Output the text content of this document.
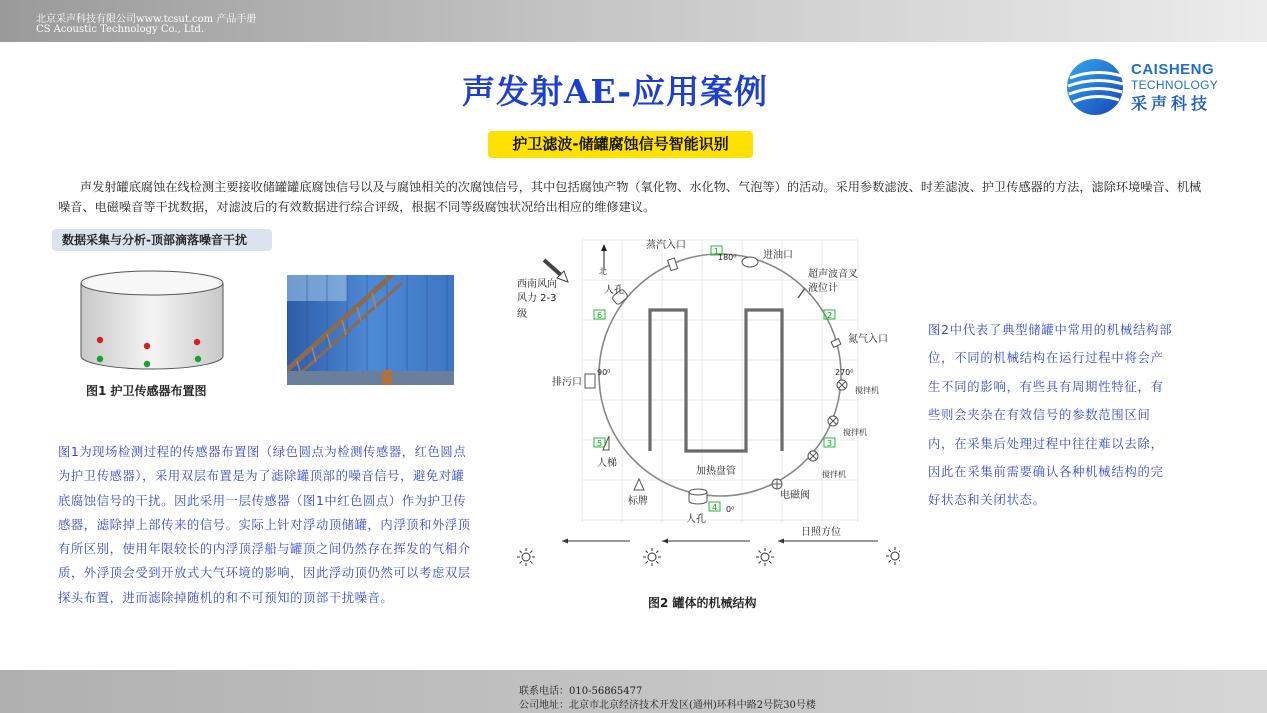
北京采声科技有限公司www.tcsut.com 产品手册
CS Acoustic Technology Co., Ltd.
声发射AE-应用案例
CAISHENG
TECHNOLOGY
采声科技
护卫滤波-储罐腐蚀信号智能识别
声发射罐底腐蚀在线检测主要接收储罐罐底腐蚀信号以及与腐蚀相关的次腐蚀信号，其中包括腐蚀产物（氧化物、水化物、气泡等）的活动。采用参数滤波、时差滤波、护卫传感器的方法，滤除环境噪音、机械噪音、电磁噪音等干扰数据，对滤波后的有效数据进行综合评级，根据不同等级腐蚀状况给出相应的维修建议。
数据采集与分析-顶部滴落噪音干扰
图1 护卫传感器布置图
图1为现场检测过程的传感器布置图（绿色圆点为检测传感器，红色圆点为护卫传感器），采用双层布置是为了滤除罐顶部的噪音信号，避免对罐底腐蚀信号的干扰。因此采用一层传感器（图1中红色圆点）作为护卫传感器，滤除掉上部传来的信号。实际上针对浮动顶储罐，内浮顶和外浮顶有所区别，使用年限较长的内浮顶浮船与罐顶之间仍然存在挥发的气相介质，外浮顶会受到开放式大气环境的影响，因此浮动顶仍然可以考虑双层探头布置，进而滤除掉随机的和不可预知的顶部干扰噪音。
北
西南风向
风力 2-3
级
蒸汽入口
1
180⁰	进油口
超声波音叉
液位计
2
氮气入口
270⁰
搅拌机
搅拌机
3
搅拌机
电磁阀
加热盘管
4 0⁰
人孔
标牌
5
人梯
排污口
90⁰
6
人孔
日照方位
图2 罐体的机械结构
图2中代表了典型储罐中常用的机械结构部位，不同的机械结构在运行过程中将会产生不同的影响，有些具有周期性特征，有些则会夹杂在有效信号的参数范围区间内，在采集后处理过程中往往难以去除，因此在采集前需要确认各种机械结构的完好状态和关闭状态。
联系电话：010-56865477
公司地址：北京市北京经济技术开发区(通州)环科中路2号院30号楼
